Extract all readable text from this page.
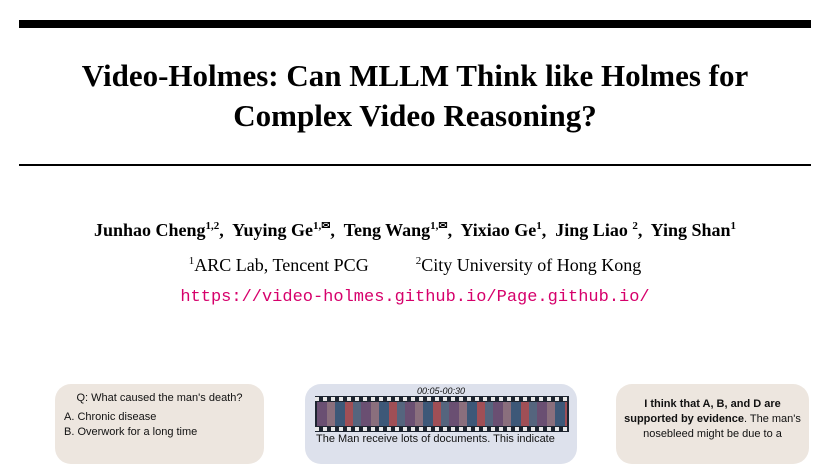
Video-Holmes: Can MLLM Think like Holmes for
Complex Video Reasoning?
Junhao Cheng$^{1,2}$,  Yuying $Ge^{1,✉}$,  Teng Wang$^{1,✉}$,  Yixiao Ge$^1$,  Jing Liao $^2$,  Ying Shan$^1$
$^1$ARC Lab, Tencent PCG	$^2$City University of Hong Kong
https://video-holmes.github.io/Page.github.io/
Q: What caused the man's death?
A. Chronic disease
B. Overwork for a long time
00:05-00:30
The Man receive lots of documents. This indicate
I think that A, B, and D are supported by evidence. The man's nosebleed might be due to a
